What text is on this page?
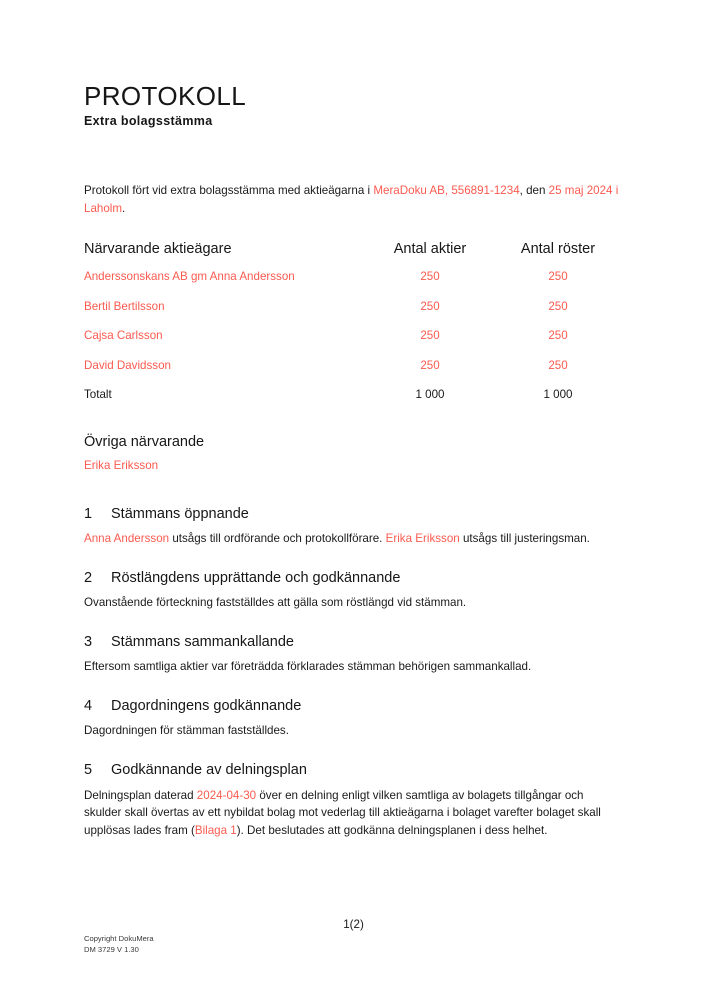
PROTOKOLL
Extra bolagsstämma

Protokoll fört vid extra bolagsstämma med aktieägarna i MeraDoku AB, 556891-1234, den 25 maj 2024 i Laholm.

Närvarande aktieägare	Antal aktier	Antal röster
Anderssonskans AB gm Anna Andersson	250	250
Bertil Bertilsson	250	250
Cajsa Carlsson	250	250
David Davidsson	250	250
Totalt	1 000	1 000
Övriga närvarande

Erika Eriksson

1	Stämmans öppnande

Anna Andersson utsågs till ordförande och protokollförare. Erika Eriksson utsågs till justeringsman.

2	Röstlängdens upprättande och godkännande

Ovanstående förteckning fastställdes att gälla som röstlängd vid stämman.

3	Stämmans sammankallande

Eftersom samtliga aktier var företrädda förklarades stämman behörigen sammankallad.

4	Dagordningens godkännande

Dagordningen för stämman fastställdes.

5	Godkännande av delningsplan

Delningsplan daterad 2024-04-30 över en delning enligt vilken samtliga av bolagets tillgångar och skulder skall övertas av ett nybildat bolag mot vederlag till aktieägarna i bolaget varefter bolaget skall upplösas lades fram (Bilaga 1). Det beslutades att godkänna delningsplanen i dess helhet.

1(2)
Copyright DokuMera
DM 3729 V 1.30
